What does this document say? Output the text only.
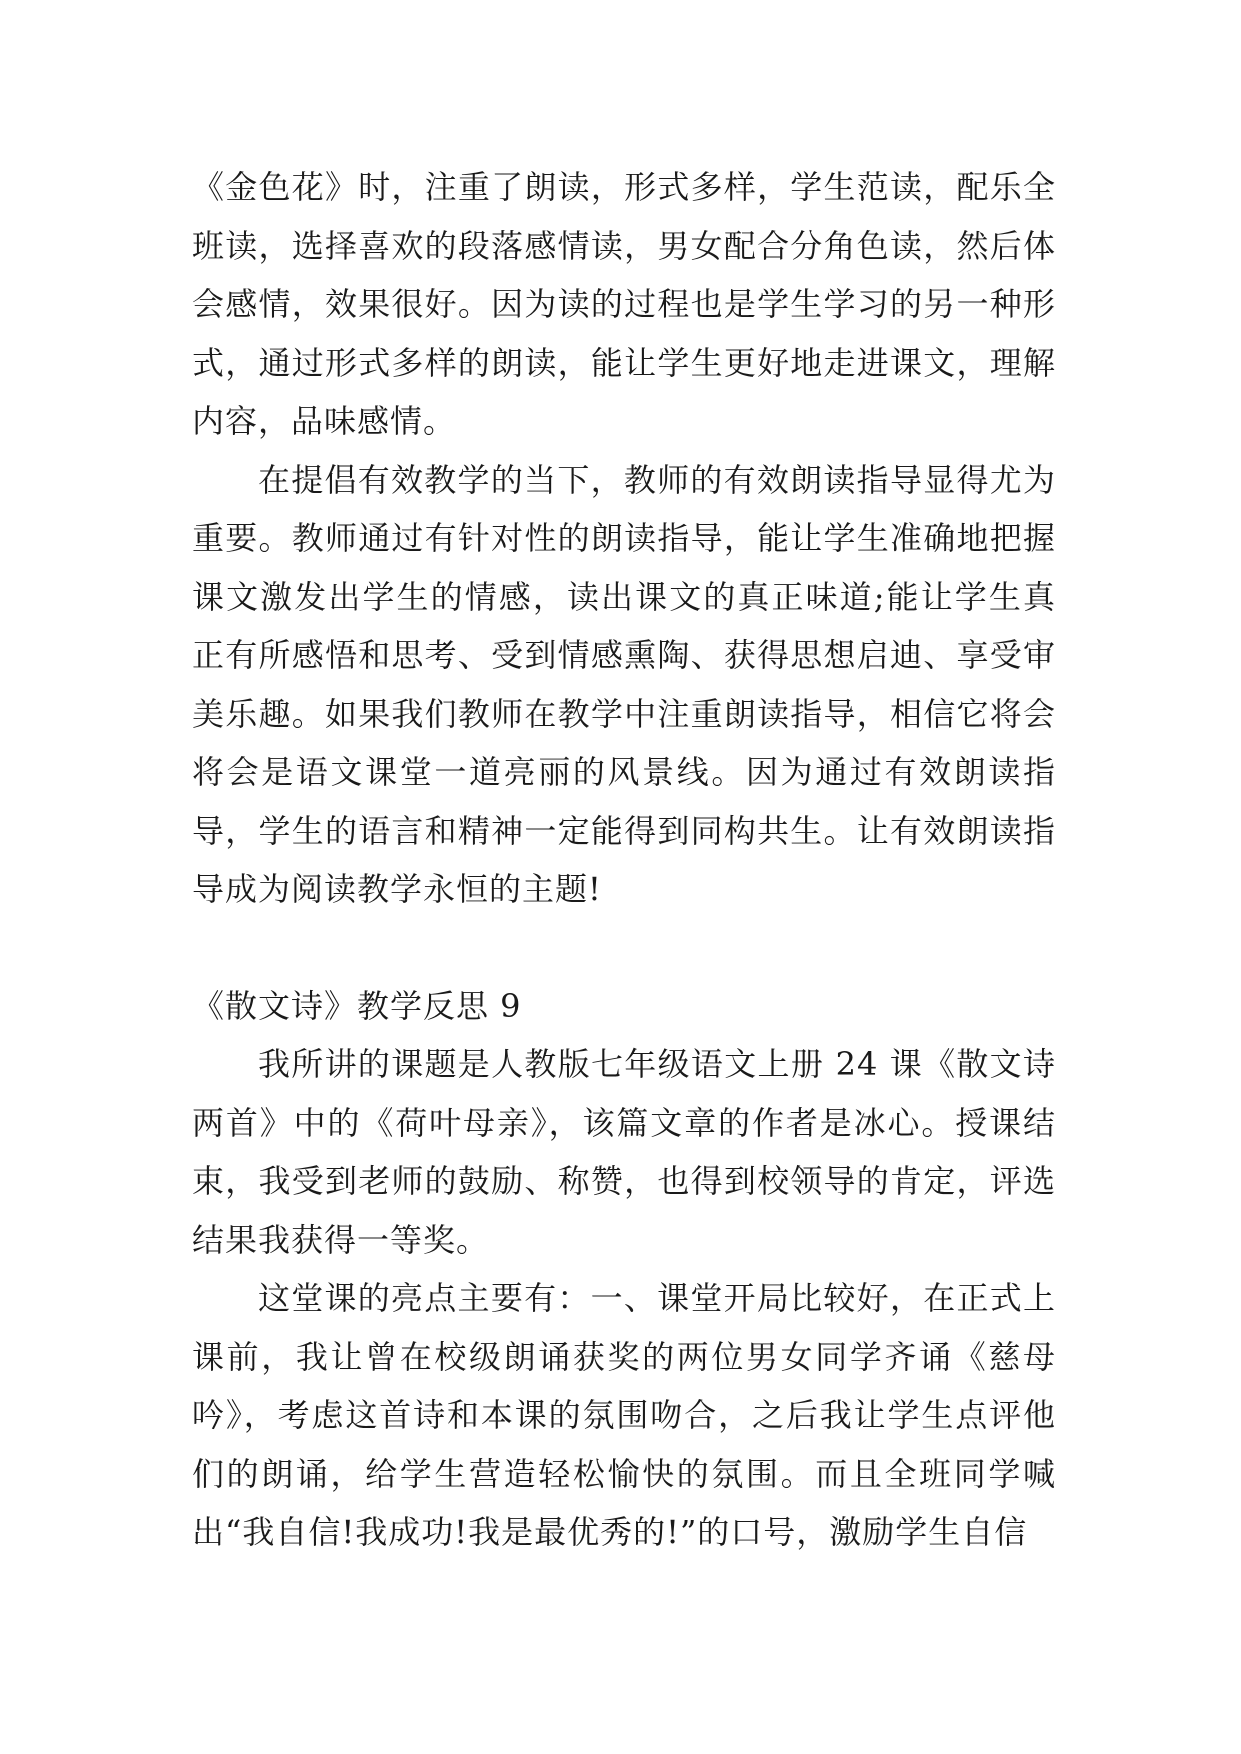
《金色花》时，注重了朗读，形式多样，学生范读，配乐全班读，选择喜欢的段落感情读，男女配合分角色读，然后体会感情，效果很好。因为读的过程也是学生学习的另一种形式，通过形式多样的朗读，能让学生更好地走进课文，理解内容，品味感情。

在提倡有效教学的当下，教师的有效朗读指导显得尤为重要。教师通过有针对性的朗读指导，能让学生准确地把握课文激发出学生的情感，读出课文的真正味道;能让学生真正有所感悟和思考、受到情感熏陶、获得思想启迪、享受审美乐趣。如果我们教师在教学中注重朗读指导，相信它将会将会是语文课堂一道亮丽的风景线。因为通过有效朗读指导，学生的语言和精神一定能得到同构共生。让有效朗读指导成为阅读教学永恒的主题!

《散文诗》教学反思 9

我所讲的课题是人教版七年级语文上册 24 课《散文诗两首》中的《荷叶母亲》，该篇文章的作者是冰心。授课结束，我受到老师的鼓励、称赞，也得到校领导的肯定，评选结果我获得一等奖。

这堂课的亮点主要有：一、课堂开局比较好，在正式上课前，我让曾在校级朗诵获奖的两位男女同学齐诵《慈母吟》，考虑这首诗和本课的氛围吻合，之后我让学生点评他们的朗诵，给学生营造轻松愉快的氛围。而且全班同学喊出“我自信!我成功!我是最优秀的!”的口号，激励学生自信
